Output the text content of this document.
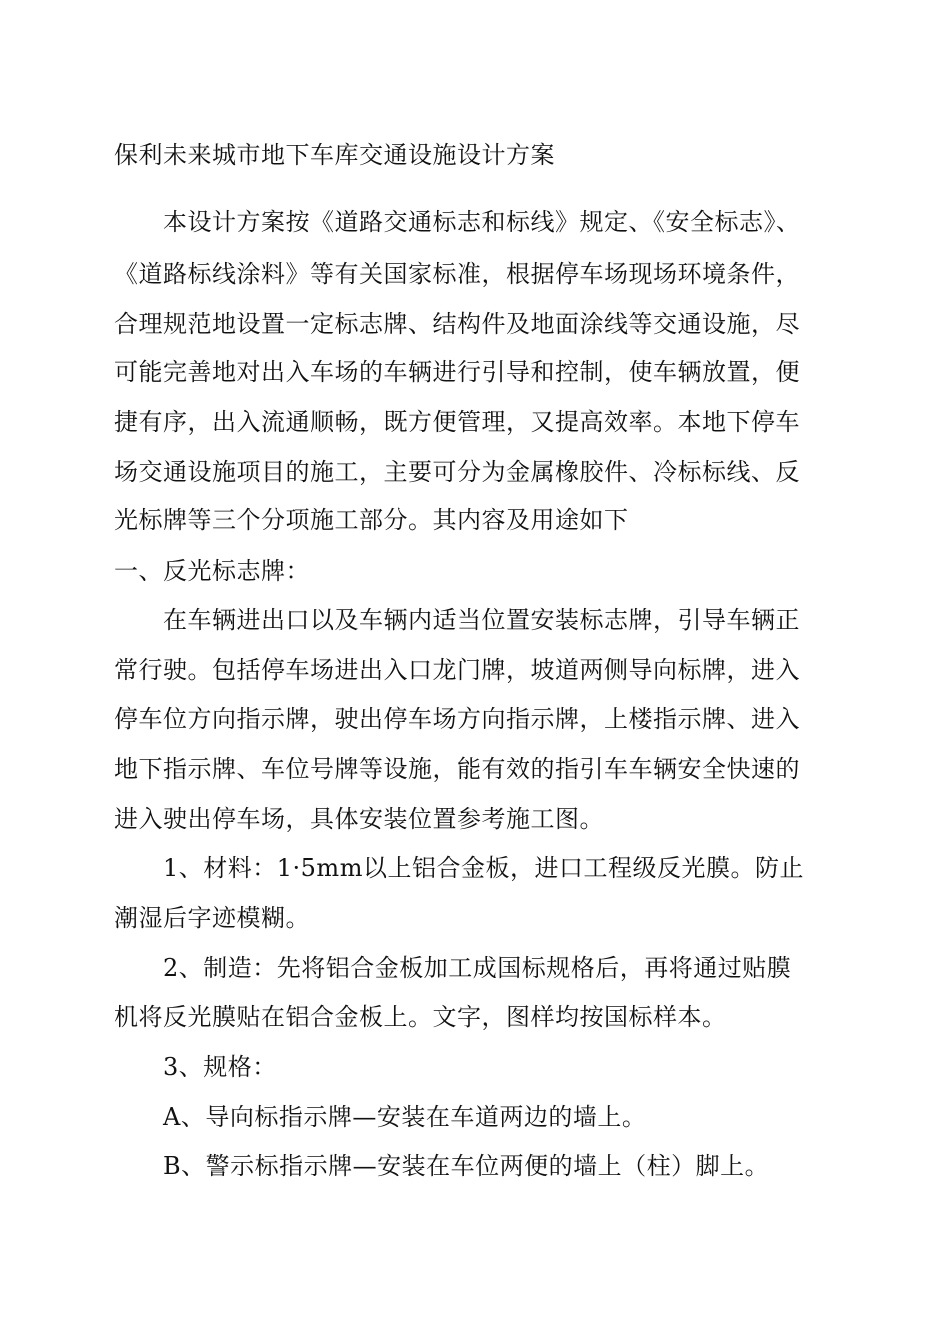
保利未来城市地下车库交通设施设计方案
本设计方案按《道路交通标志和标线》规定、《安全标志》、
《道路标线涂料》等有关国家标准，根据停车场现场环境条件，
合理规范地设置一定标志牌、结构件及地面涂线等交通设施，尽
可能完善地对出入车场的车辆进行引导和控制，使车辆放置，便
捷有序，出入流通顺畅，既方便管理，又提高效率。本地下停车
场交通设施项目的施工，主要可分为金属橡胶件、冷标标线、反
光标牌等三个分项施工部分。其内容及用途如下
一、反光标志牌：
在车辆进出口以及车辆内适当位置安装标志牌，引导车辆正
常行驶。包括停车场进出入口龙门牌，坡道两侧导向标牌，进入
停车位方向指示牌，驶出停车场方向指示牌，上楼指示牌、进入
地下指示牌、车位号牌等设施，能有效的指引车车辆安全快速的
进入驶出停车场，具体安装位置参考施工图。
1、材料：1·5mm以上铝合金板，进口工程级反光膜。防止
潮湿后字迹模糊。
2、制造：先将铝合金板加工成国标规格后，再将通过贴膜
机将反光膜贴在铝合金板上。文字，图样均按国标样本。
3、规格：
A、导向标指示牌—安装在车道两边的墙上。
B、警示标指示牌—安装在车位两便的墙上（柱）脚上。
